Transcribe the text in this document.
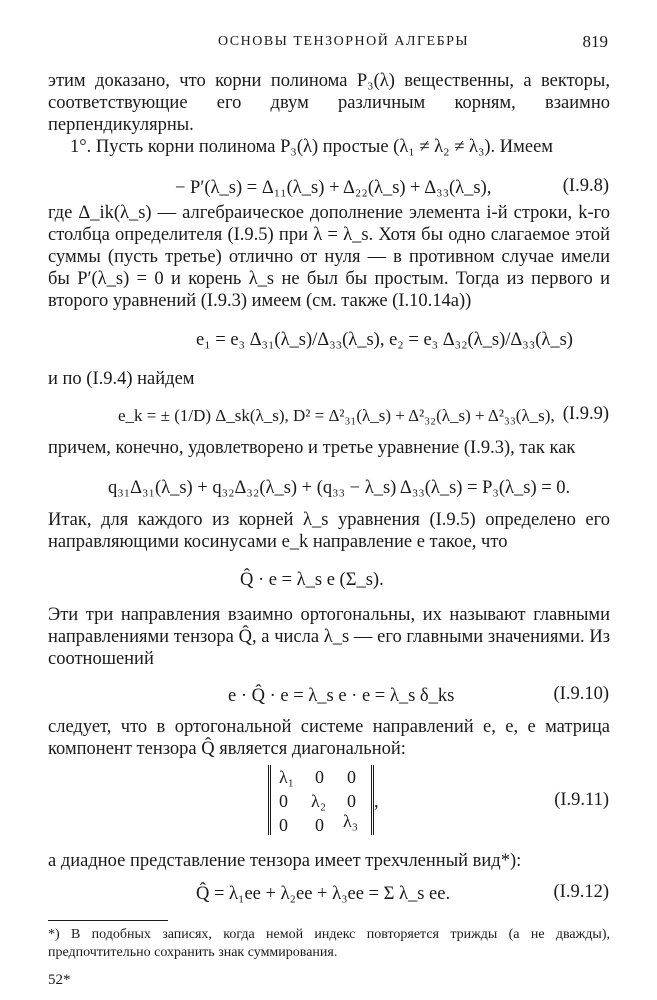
ОСНОВЫ ТЕНЗОРНОЙ АЛГЕБРЫ	819
этим доказано, что корни полинома P₃(λ) вещественны, а векторы, соответствующие его двум различным корням, взаимно перпендикулярны.
1°. Пусть корни полинома P₃(λ) простые (λ₁ ≠ λ₂ ≠ λ₃). Имеем
− P′(λ_s) = Δ₁₁(λ_s) + Δ₂₂(λ_s) + Δ₃₃(λ_s),	(I.9.8)
где Δ_ik(λ_s) — алгебраическое дополнение элемента i-й строки, k-го столбца определителя (I.9.5) при λ = λ_s. Хотя бы одно слагаемое этой суммы (пусть третье) отлично от нуля — в противном случае имели бы P′(λ_s) = 0 и корень λ_s не был бы простым. Тогда из первого и второго уравнений (I.9.3) имеем (см. также (I.10.14a))
e₁ = e₃ Δ₃₁(λ_s)/Δ₃₃(λ_s), e₂ = e₃ Δ₃₂(λ_s)/Δ₃₃(λ_s)
и по (I.9.4) найдем
e_k = ± (1/D) Δ_sk(λ_s), D² = Δ²₃₁(λ_s) + Δ²₃₂(λ_s) + Δ²₃₃(λ_s), (I.9.9)
причем, конечно, удовлетворено и третье уравнение (I.9.3), так как
q₃₁Δ₃₁(λ_s) + q₃₂Δ₃₂(λ_s) + (q₃₃ − λ_s) Δ₃₃(λ_s) = P₃(λ_s) = 0.
Итак, для каждого из корней λ_s уравнения (I.9.5) определено его направляющими косинусами e_k направление e такое, что
Q̂ · e = λ_s e (Σ_s).
Эти три направления взаимно ортогональны, их называют главными направлениями тензора Q̂, а числа λ_s — его главными значениями. Из соотношений
e · Q̂ · e = λ_s e · e = λ_s δ_ks	(I.9.10)
следует, что в ортогональной системе направлений e, e, e матрица компонент тензора Q̂ является диагональной:
λ₁ 0 0
0 λ₂ 0
0 0 λ₃
,	(I.9.11)
а диадное представление тензора имеет трехчленный вид*):
Q̂ = λ₁ee + λ₂ee + λ₃ee = Σ λ_s ee.	(I.9.12)
*) В подобных записях, когда немой индекс повторяется трижды (а не дважды), предпочтительно сохранить знак суммирования.
52*
